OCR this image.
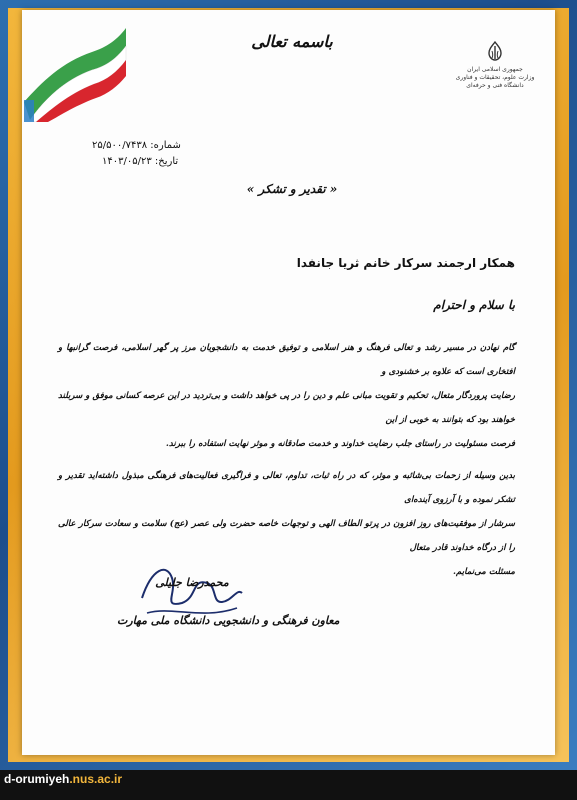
جمهوری اسلامی ایران
وزارت علوم، تحقیقات و فناوری
دانشگاه فنی و حرفه‌ای
باسمه تعالی
شماره: ۲۵/۵۰۰/۷۴۳۸
تاریخ: ۱۴۰۳/۰۵/۲۳
« تقدیر و تشکر »
همکار ارجمند سرکار خانم ثریا جانفدا
با سلام و احترام
گام نهادن در مسیر رشد و تعالی فرهنگ و هنر اسلامی و توفیق خدمت به دانشجویان مرز پر گهر اسلامی، فرصت گرانبها و افتخاری است که علاوه بر خشنودی و
رضایت پروردگار متعال، تحکیم و تقویت مبانی علم و دین را در پی خواهد داشت و بی‌تردید در این عرصه کسانی موفق و سربلند خواهند بود که بتوانند به خوبی از این
فرصت مسئولیت در راستای جلب رضایت خداوند و خدمت صادقانه و موثر نهایت استفاده را ببرند.
بدین وسیله از زحمات بی‌شائبه و موثر، که در راه ثبات، تداوم، تعالی و فراگیری فعالیت‌های فرهنگی مبذول داشته‌اید تقدیر و تشکر نموده و با آرزوی آینده‌ای
سرشار از موفقیت‌های روز افزون در پرتو الطاف الهی و توجهات خاصه حضرت ولی عصر (عج) سلامت و سعادت سرکار عالی را از درگاه خداوند قادر متعال
مسئلت می‌نمایم.
محمدرضا جلیلی
معاون فرهنگی و دانشجویی دانشگاه ملی مهارت
d-orumiyeh.nus.ac.ir
